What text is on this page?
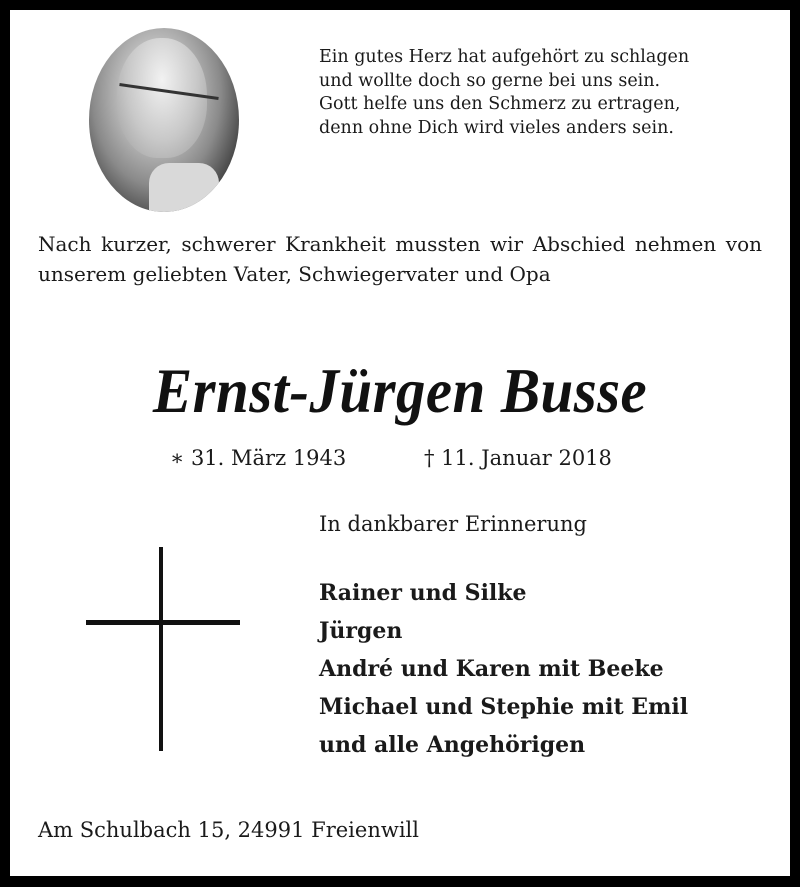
Ein gutes Herz hat aufgehört zu schlagen
und wollte doch so gerne bei uns sein.
Gott helfe uns den Schmerz zu ertragen,
denn ohne Dich wird vieles anders sein.
Nach kurzer, schwerer Krankheit mussten wir Abschied nehmen von unserem geliebten Vater, Schwiegervater und Opa
Ernst-Jürgen Busse
∗ 31. März 1943	† 11. Januar 2018
In dankbarer Erinnerung
Rainer und Silke
Jürgen
André und Karen mit Beeke
Michael und Stephie mit Emil
und alle Angehörigen
Am Schulbach 15, 24991 Freienwill
